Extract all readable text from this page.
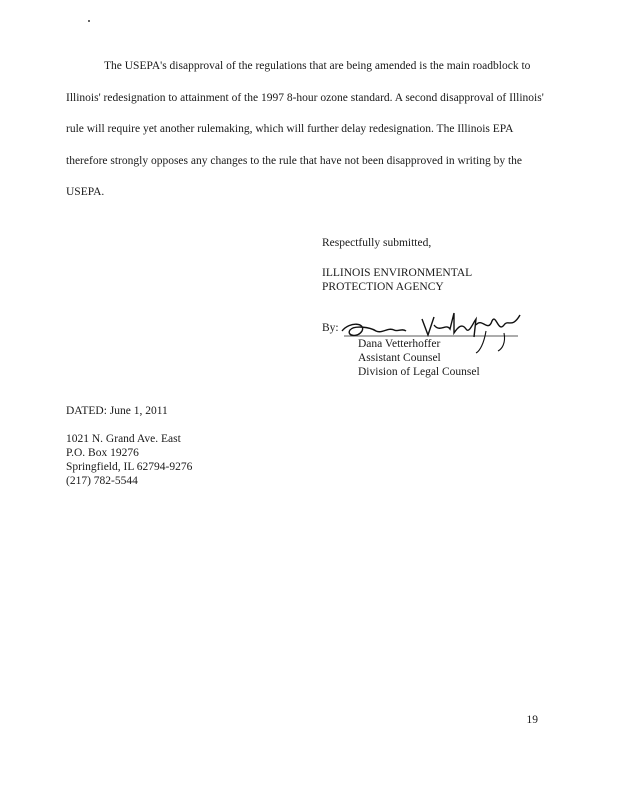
The USEPA's disapproval of the regulations that are being amended is the main roadblock to Illinois' redesignation to attainment of the 1997 8-hour ozone standard. A second disapproval of Illinois' rule will require yet another rulemaking, which will further delay redesignation. The Illinois EPA therefore strongly opposes any changes to the rule that have not been disapproved in writing by the USEPA.

Respectfully submitted,
ILLINOIS ENVIRONMENTAL
PROTECTION AGENCY
By:
Dana Vetterhoffer
Assistant Counsel
Division of Legal Counsel
DATED: June 1, 2011
1021 N. Grand Ave. East
P.O. Box 19276
Springfield, IL 62794-9276
(217) 782-5544
19
